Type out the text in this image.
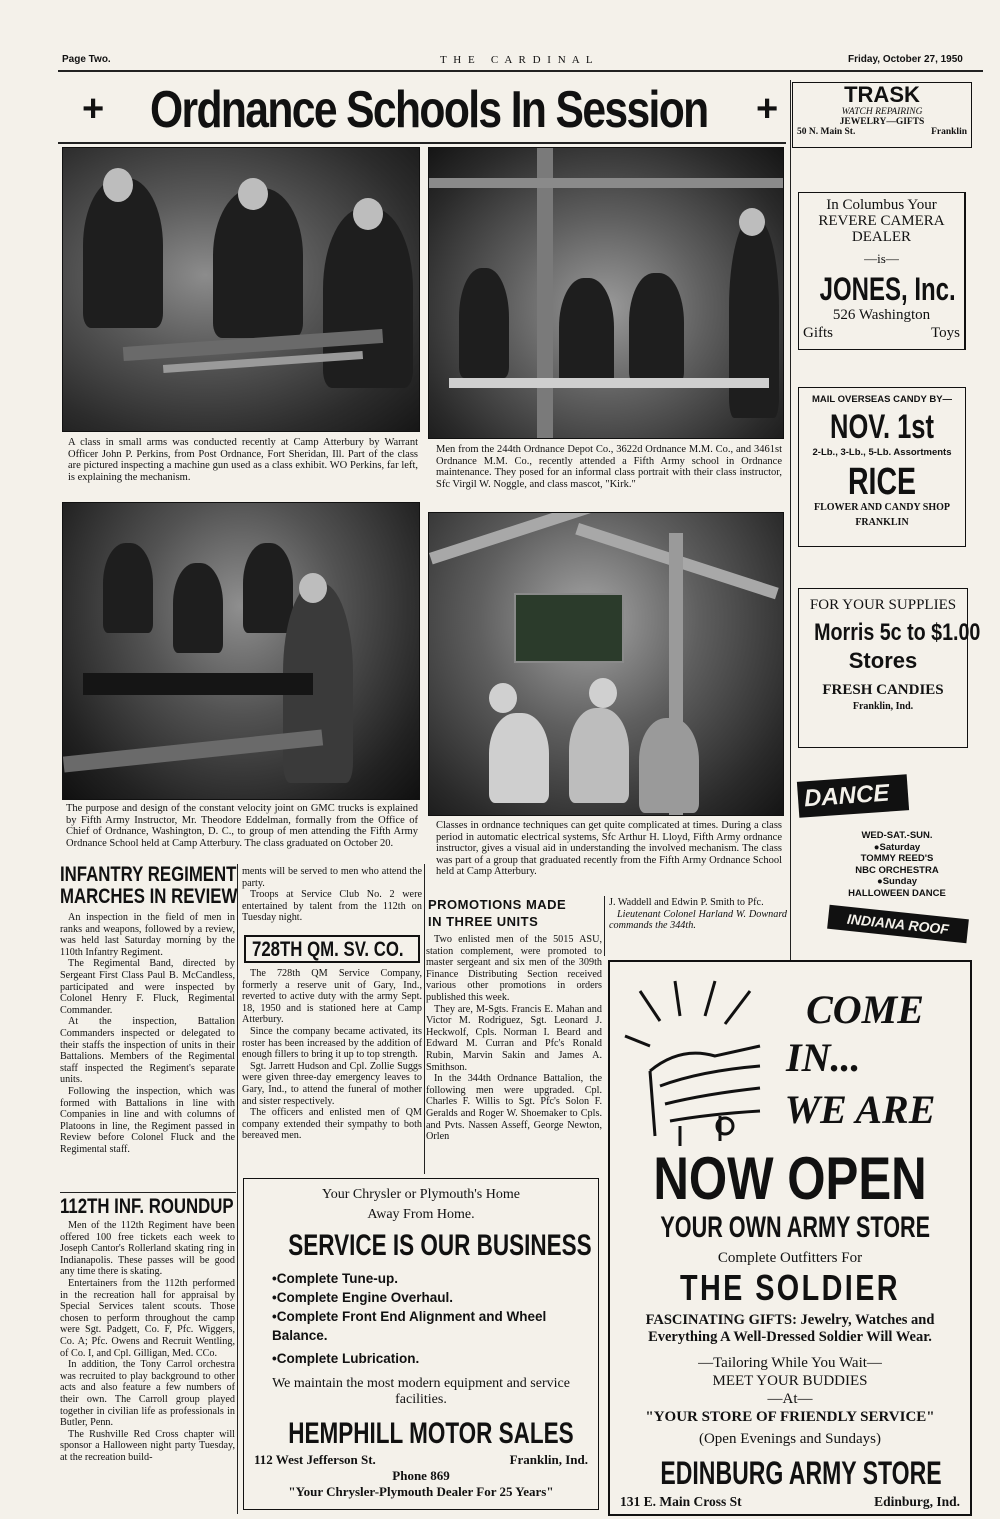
Page Two.	T H E   C A R D I N A L	Friday, October 27, 1950
+ Ordnance Schools In Session +
A class in small arms was conducted recently at Camp Atterbury by Warrant Officer John P. Perkins, from Post Ordnance, Fort Sheridan, Ill. Part of the class are pictured inspecting a machine gun used as a class exhibit. WO Perkins, far left, is explaining the mechanism.
Men from the 244th Ordnance Depot Co., 3622d Ordnance M.M. Co., and 3461st Ordnance M.M. Co., recently attended a Fifth Army school in Ordnance maintenance. They posed for an informal class portrait with their class instructor, Sfc Virgil W. Noggle, and class mascot, "Kirk."
The purpose and design of the constant velocity joint on GMC trucks is explained by Fifth Army Instructor, Mr. Theodore Eddelman, formally from the Office of Chief of Ordnance, Washington, D. C., to group of men attending the Fifth Army Ordnance School held at Camp Atterbury. The class graduated on October 20.
Classes in ordnance techniques can get quite complicated at times. During a class period in automatic electrical systems, Sfc Arthur H. Lloyd, Fifth Army ordnance instructor, gives a visual aid in understanding the involved mechanism. The class was part of a group that graduated recently from the Fifth Army Ordnance School held at Camp Atterbury.
INFANTRY REGIMENT
MARCHES IN REVIEW

An inspection in the field of men in ranks and weapons, followed by a review, was held last Saturday morning by the 110th Infantry Regiment.

The Regimental Band, directed by Sergeant First Class Paul B. McCandless, participated and were inspected by Colonel Henry F. Fluck, Regimental Commander.

At the inspection, Battalion Commanders inspected or delegated to their staffs the inspection of units in their Battalions. Members of the Regimental staff inspected the Regiment's separate units.

Following the inspection, which was formed with Battalions in line with Companies in line and with columns of Platoons in line, the Regiment passed in Review before Colonel Fluck and the Regimental staff.

112TH INF. ROUNDUP

Men of the 112th Regiment have been offered 100 free tickets each week to Joseph Cantor's Rollerland skating ring in Indianapolis. These passes will be good any time there is skating.

Entertainers from the 112th performed in the recreation hall for appraisal by Special Services talent scouts. Those chosen to perform throughout the camp were Sgt. Padgett, Co. F, Pfc. Wiggers, Co. A; Pfc. Owens and Recruit Wentling, of Co. I, and Cpl. Gilligan, Med. CCo.

In addition, the Tony Carrol orchestra was recruited to play background to other acts and also feature a few numbers of their own. The Carroll group played together in civilian life as professionals in Butler, Penn.

The Rushville Red Cross chapter will sponsor a Halloween night party Tuesday, at the recreation build-

ments will be served to men who attend the party.

Troops at Service Club No. 2 were entertained by talent from the 112th on Tuesday night.

728TH QM. SV. CO.

The 728th QM Service Company, formerly a reserve unit of Gary, Ind., reverted to active duty with the army Sept. 18, 1950 and is stationed here at Camp Atterbury.

Since the company became activated, its roster has been increased by the addition of enough fillers to bring it up to top strength.

Sgt. Jarrett Hudson and Cpl. Zollie Suggs were given three-day emergency leaves to Gary, Ind., to attend the funeral of mother and sister respectively.

The officers and enlisted men of QM company extended their sympathy to both bereaved men.

PROMOTIONS MADE
IN THREE UNITS

Two enlisted men of the 5015 ASU, station complement, were promoted to master sergeant and six men of the 309th Finance Distributing Section received various other promotions in orders published this week.

They are, M-Sgts. Francis E. Mahan and Victor M. Rodriguez, Sgt. Leonard J. Heckwolf, Cpls. Norman I. Beard and Edward M. Curran and Pfc's Ronald Rubin, Marvin Sakin and James A. Smithson.

In the 344th Ordnance Battalion, the following men were upgraded. Cpl. Charles F. Willis to Sgt. Pfc's Solon F. Geralds and Roger W. Shoemaker to Cpls. and Pvts. Nassen Asseff, George Newton, Orlen

J. Waddell and Edwin P. Smith to Pfc.

Lieutenant Colonel Harland W. Downard commands the 344th.

Your Chrysler or Plymouth's Home
Away From Home.
SERVICE IS OUR BUSINESS
•Complete Tune-up.
•Complete Engine Overhaul.
•Complete Front End Alignment and Wheel Balance.
•Complete Lubrication.
We maintain the most modern equipment and service facilities.
HEMPHILL MOTOR SALES
112 West Jefferson St.	Franklin, Ind.
Phone 869
"Your Chrysler-Plymouth Dealer For 25 Years"
TRASK
WATCH REPAIRING
JEWELRY—GIFTS
50 N. Main St.	Franklin
In Columbus Your
REVERE CAMERA
DEALER
—is—
JONES, Inc.
526 Washington
Gifts	Toys
MAIL OVERSEAS CANDY BY—
NOV. 1st
2-Lb., 3-Lb., 5-Lb. Assortments
RICE
FLOWER AND CANDY SHOP
FRANKLIN
FOR YOUR SUPPLIES
Morris 5c to $1.00
Stores
FRESH CANDIES
Franklin, Ind.
DANCE !!!	WED-SAT.-SUN.
●Saturday
TOMMY REED'S
NBC ORCHESTRA
●Sunday
HALLOWEEN DANCE
INDIANA ROOF
COME
IN...
WE ARE
NOW OPEN
YOUR OWN ARMY STORE
Complete Outfitters For
THE SOLDIER
FASCINATING GIFTS: Jewelry, Watches and
Everything A Well-Dressed Soldier Will Wear.
—Tailoring While You Wait—
MEET YOUR BUDDIES
—At—
"YOUR STORE OF FRIENDLY SERVICE"
(Open Evenings and Sundays)
EDINBURG ARMY STORE
131 E. Main Cross St	Edinburg, Ind.
